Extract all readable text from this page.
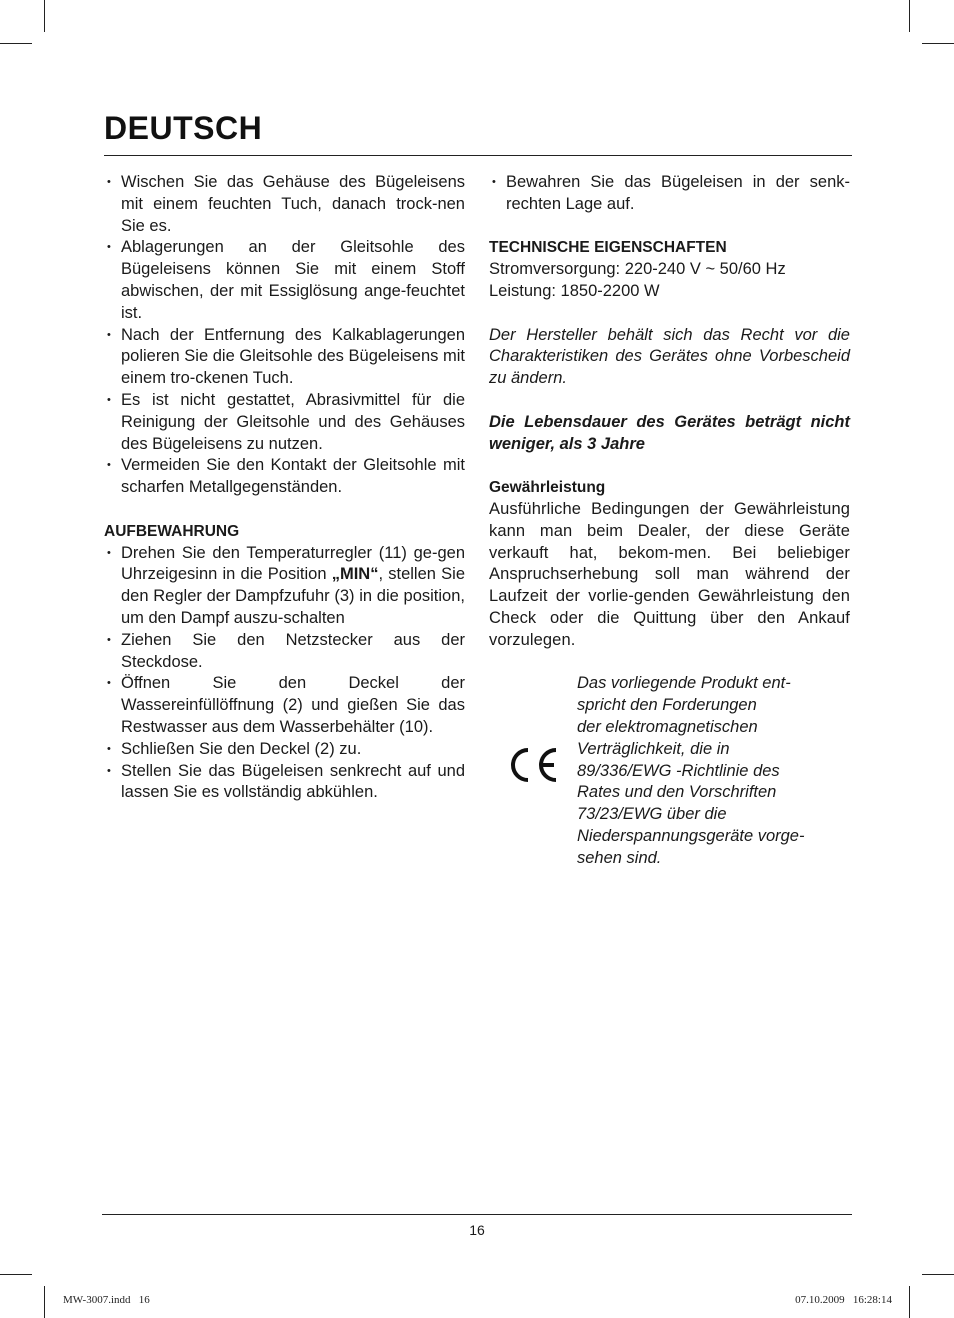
DEUTSCH
• Wischen Sie das Gehäuse des Bügeleisens mit einem feuchten Tuch, danach trock-nen Sie es.
• Ablagerungen an der Gleitsohle des Bügeleisens können Sie mit einem Stoff abwischen, der mit Essiglösung ange-feuchtet ist.
• Nach der Entfernung des Kalkablagerungen polieren Sie die Gleitsohle des Bügeleisens mit einem tro-ckenen Tuch.
• Es ist nicht gestattet, Abrasivmittel für die Reinigung der Gleitsohle und des Gehäuses des Bügeleisens zu nutzen.
• Vermeiden Sie den Kontakt der Gleitsohle mit scharfen Metallgegenständen.
AUFBEWAHRUNG
• Drehen Sie den Temperaturregler (11) ge-gen Uhrzeigesinn in die Position „MIN“, stellen Sie den Regler der Dampfzufuhr (3) in die position, um den Dampf auszu-schalten
• Ziehen Sie den Netzstecker aus der Steckdose.
• Öffnen Sie den Deckel der Wassereinfüllöffnung (2) und gießen Sie das Restwasser aus dem Wasserbehälter (10).
• Schließen Sie den Deckel (2) zu.
• Stellen Sie das Bügeleisen senkrecht auf und lassen Sie es vollständig abkühlen.
• Bewahren Sie das Bügeleisen in der senk-rechten Lage auf.
TECHNISCHE EIGENSCHAFTEN
Stromversorgung: 220-240 V ~ 50/60 Hz
Leistung: 1850-2200 W

Der Hersteller behält sich das Recht vor die Charakteristiken des Gerätes ohne Vorbescheid zu ändern.

Die Lebensdauer des Gerätes beträgt nicht weniger, als 3 Jahre

Gewährleistung

Ausführliche Bedingungen der Gewährleistung kann man beim Dealer, der diese Geräte verkauft hat, bekom-men. Bei beliebiger Anspruchserhebung soll man während der Laufzeit der vorlie-genden Gewährleistung den Check oder die Quittung über den Ankauf vorzulegen.

Das vorliegende Produkt ent-
spricht den Forderungen
der elektromagnetischen
Verträglichkeit, die in
89/336/EWG -Richtlinie des
Rates und den Vorschriften
73/23/EWG über die
Niederspannungsgeräte vorge-
sehen sind.
16
MW-3007.indd   16	07.10.2009   16:28:14
